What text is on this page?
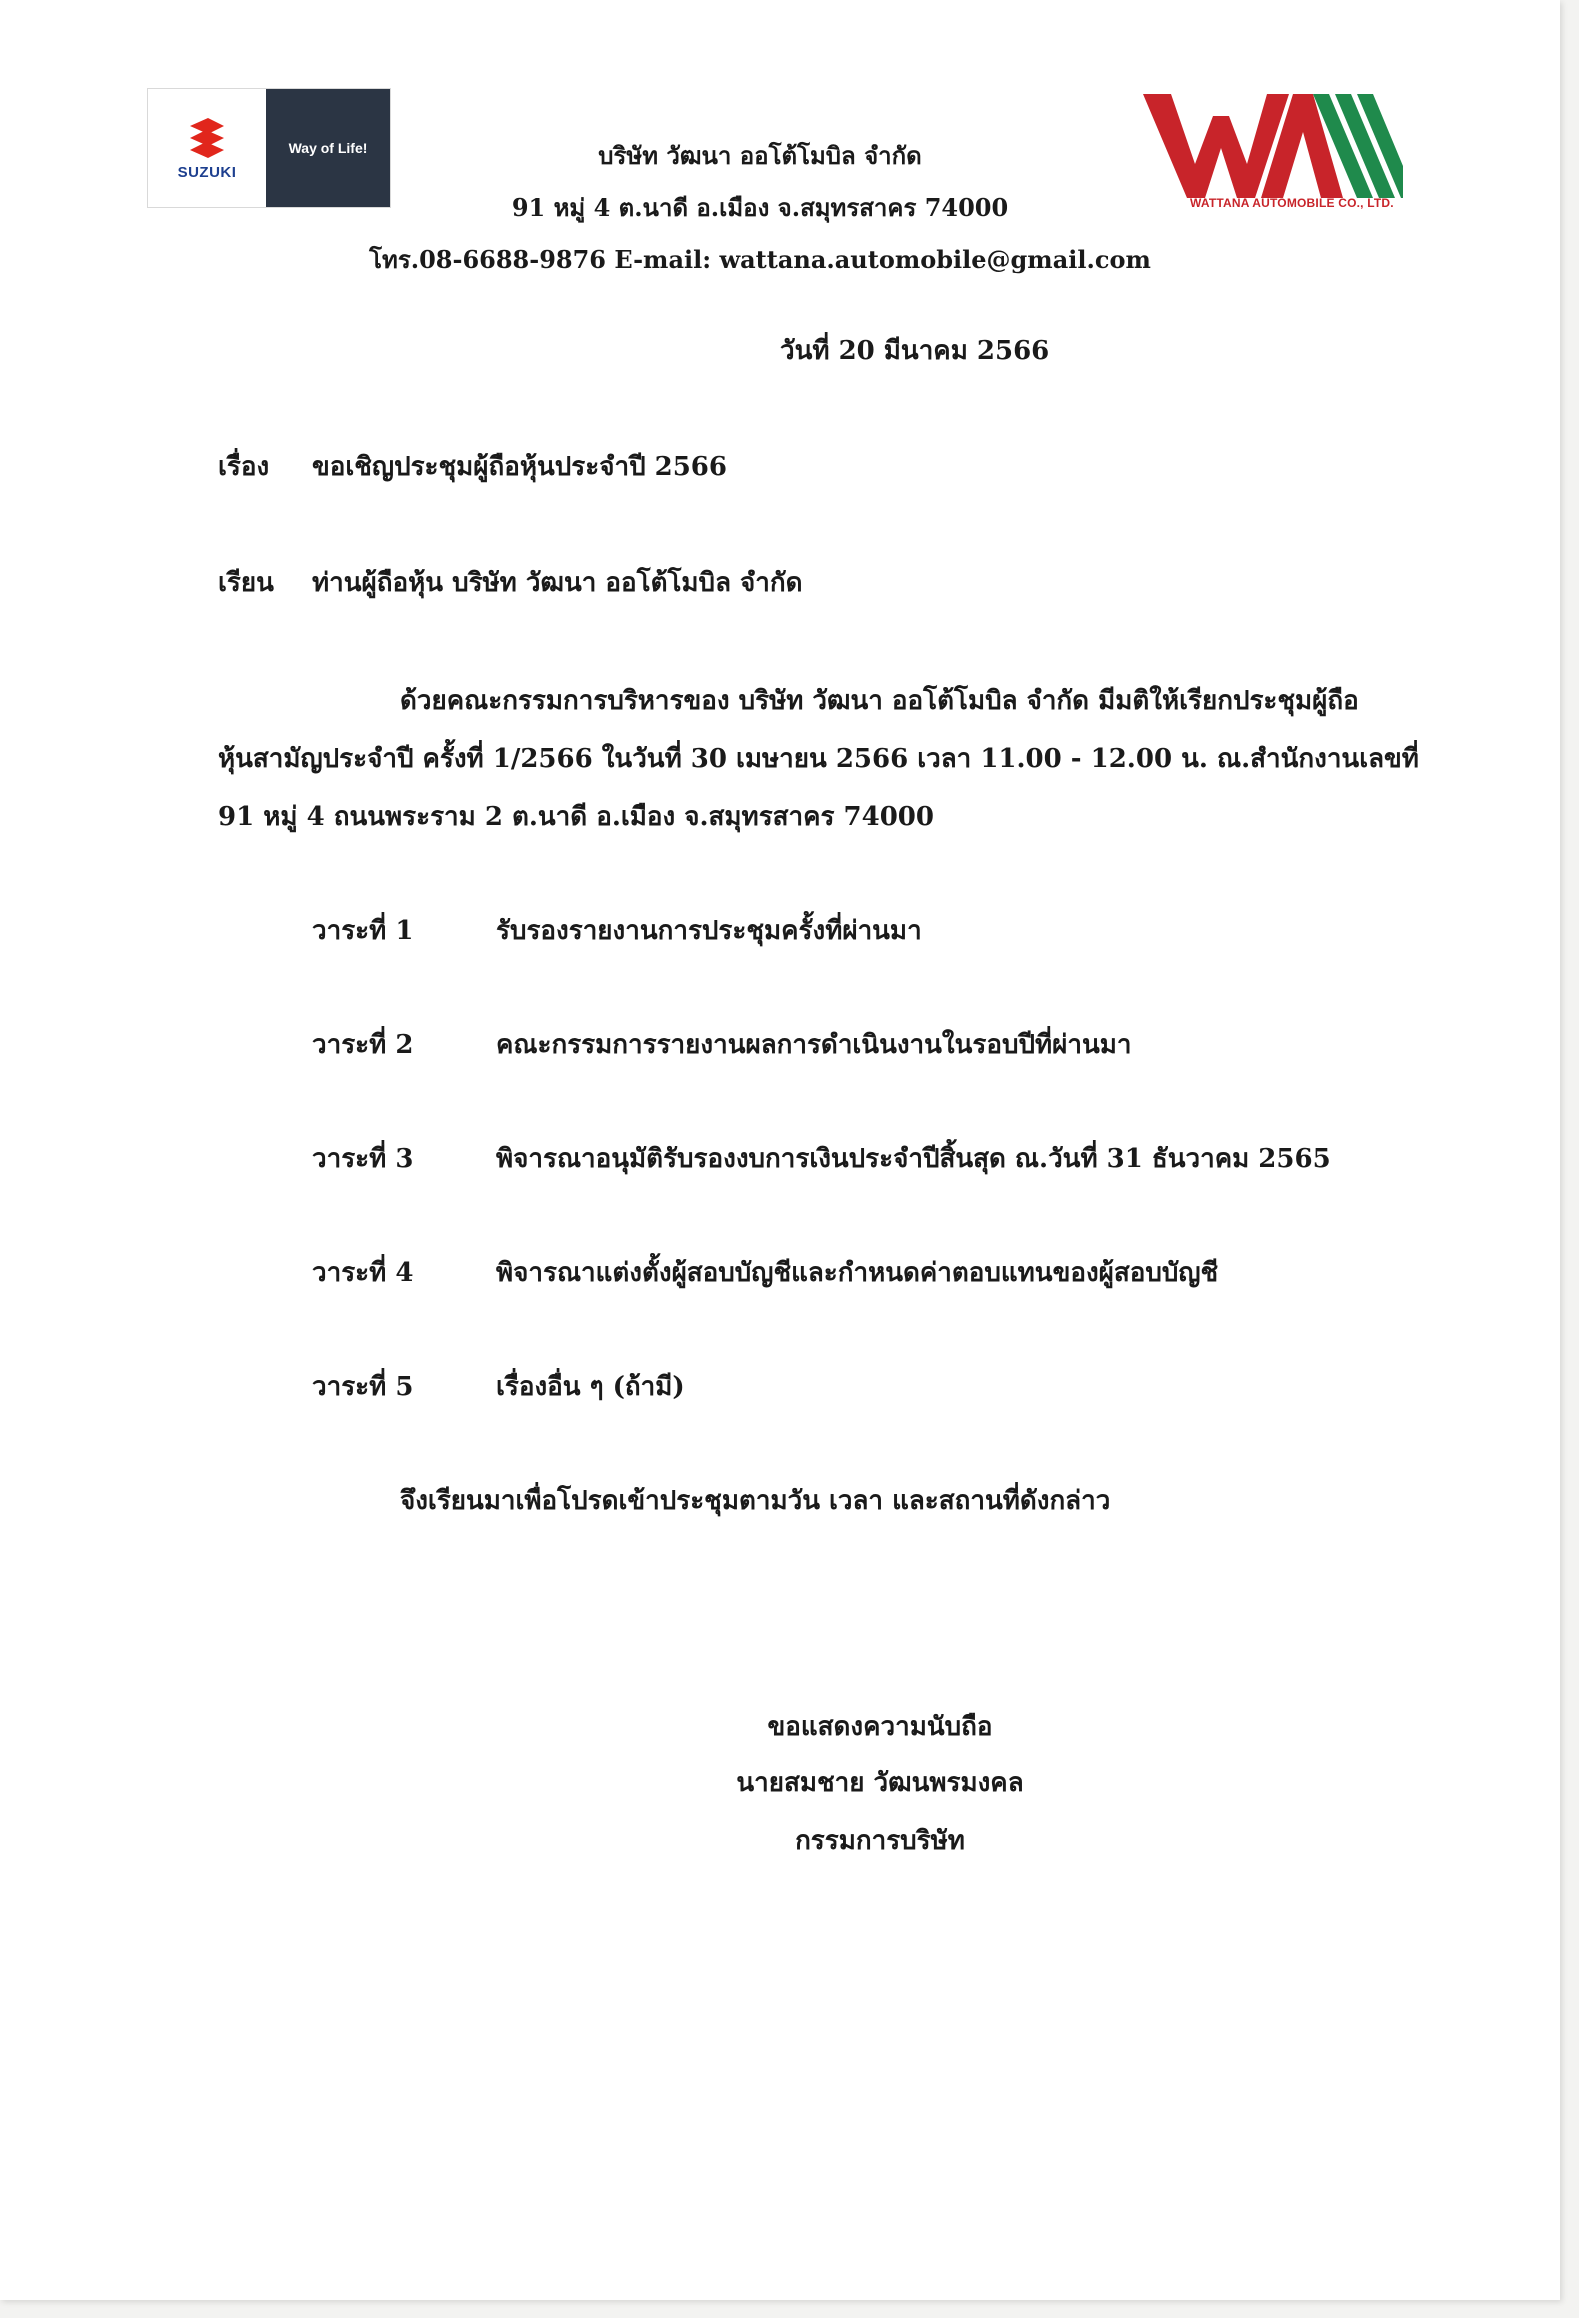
SUZUKI
Way of Life!
WATTANA AUTOMOBILE CO., LTD.
บริษัท วัฒนา ออโต้โมบิล จำกัด
91 หมู่ 4 ต.นาดี อ.เมือง จ.สมุทรสาคร 74000
โทร.08-6688-9876 E-mail: wattana.automobile@gmail.com
วันที่ 20 มีนาคม 2566
เรื่อง ขอเชิญประชุมผู้ถือหุ้นประจำปี 2566
เรียน ท่านผู้ถือหุ้น บริษัท วัฒนา ออโต้โมบิล จำกัด
ด้วยคณะกรรมการบริหารของ บริษัท วัฒนา ออโต้โมบิล จำกัด มีมติให้เรียกประชุมผู้ถือ
หุ้นสามัญประจำปี ครั้งที่ 1/2566 ในวันที่ 30 เมษายน 2566 เวลา 11.00 - 12.00 น. ณ.สำนักงานเลขที่
91 หมู่ 4 ถนนพระราม 2 ต.นาดี อ.เมือง จ.สมุทรสาคร 74000
วาระที่ 1	รับรองรายงานการประชุมครั้งที่ผ่านมา
วาระที่ 2	คณะกรรมการรายงานผลการดำเนินงานในรอบปีที่ผ่านมา
วาระที่ 3	พิจารณาอนุมัติรับรองงบการเงินประจำปีสิ้นสุด ณ.วันที่ 31 ธันวาคม 2565
วาระที่ 4	พิจารณาแต่งตั้งผู้สอบบัญชีและกำหนดค่าตอบแทนของผู้สอบบัญชี
วาระที่ 5	เรื่องอื่น ๆ (ถ้ามี)
จึงเรียนมาเพื่อโปรดเข้าประชุมตามวัน เวลา และสถานที่ดังกล่าว
ขอแสดงความนับถือ
นายสมชาย วัฒนพรมงคล
กรรมการบริษัท
